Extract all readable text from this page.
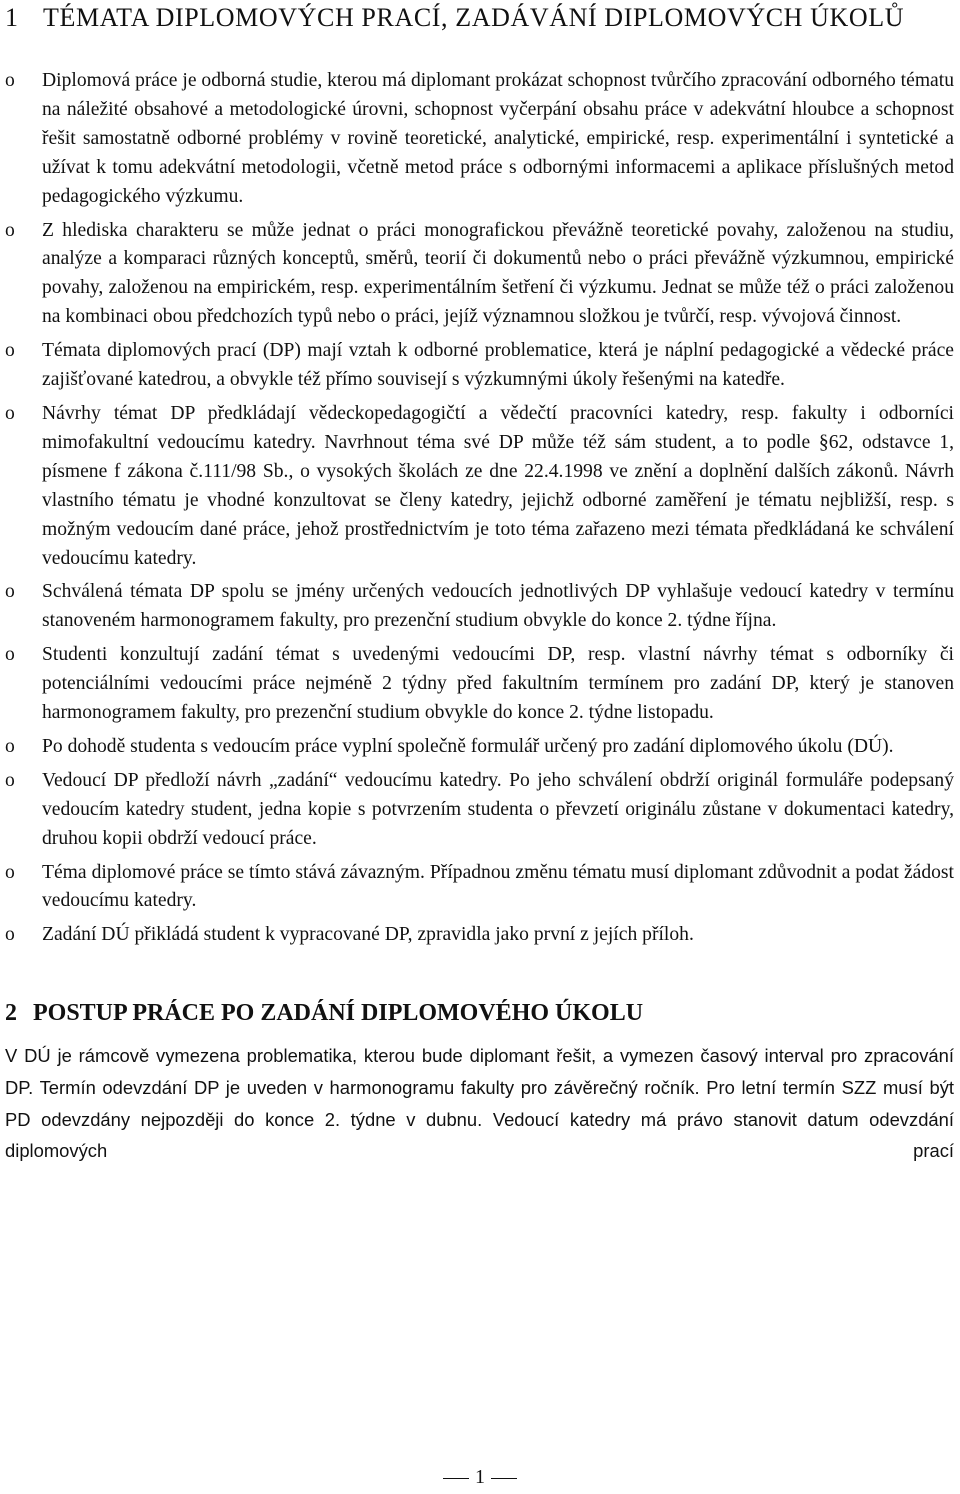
1 TÉMATA DIPLOMOVÝCH PRACÍ, ZADÁVÁNÍ DIPLOMOVÝCH ÚKOLŮ
o	Diplomová práce je odborná studie, kterou má diplomant prokázat schopnost tvůrčího zpracování odborného tématu na náležité obsahové a metodologické úrovni, schopnost vyčerpání obsahu práce v adekvátní hloubce a schopnost řešit samostatně odborné problémy v rovině teoretické, analytické, empirické, resp. experimentální i syntetické a užívat k tomu adekvátní metodologii, včetně metod práce s odbornými informacemi a aplikace příslušných metod pedagogického výzkumu.
o	Z hlediska charakteru se může jednat o práci monografickou převážně teoretické povahy, založenou na studiu, analýze a komparaci různých konceptů, směrů, teorií či dokumentů nebo o práci převážně výzkumnou, empirické povahy, založenou na empirickém, resp. experimentálním šetření či výzkumu. Jednat se může též o práci založenou na kombinaci obou předchozích typů nebo o práci, jejíž významnou složkou je tvůrčí, resp. vývojová činnost.
o	Témata diplomových prací (DP) mají vztah k odborné problematice, která je náplní pedagogické a vědecké práce zajišťované katedrou, a obvykle též přímo souvisejí s výzkumnými úkoly řešenými na katedře.
o	Návrhy témat DP předkládají vědeckopedagogičtí a vědečtí pracovníci katedry, resp. fakulty i odborníci mimofakultní vedoucímu katedry. Navrhnout téma své DP může též sám student, a to podle §62, odstavce 1, písmene f zákona č.111/98 Sb., o vysokých školách ze dne 22.4.1998 ve znění a doplnění dalších zákonů. Návrh vlastního tématu je vhodné konzultovat se členy katedry, jejichž odborné zaměření je tématu nejbližší, resp. s možným vedoucím dané práce, jehož prostřednictvím je toto téma zařazeno mezi témata předkládaná ke schválení vedoucímu katedry.
o	Schválená témata DP spolu se jmény určených vedoucích jednotlivých DP vyhlašuje vedoucí katedry v termínu stanoveném harmonogramem fakulty, pro prezenční studium obvykle do konce 2. týdne října.
o	Studenti konzultují zadání témat s uvedenými vedoucími DP, resp. vlastní návrhy témat s odborníky či potenciálními vedoucími práce nejméně 2 týdny před fakultním termínem pro zadání DP, který je stanoven harmonogramem fakulty, pro prezenční studium obvykle do konce 2. týdne listopadu.
o	Po dohodě studenta s vedoucím práce vyplní společně formulář určený pro zadání diplomového úkolu (DÚ).
o	Vedoucí DP předloží návrh „zadání“ vedoucímu katedry. Po jeho schválení obdrží originál formuláře podepsaný vedoucím katedry student, jedna kopie s potvrzením studenta o převzetí originálu zůstane v dokumentaci katedry, druhou kopii obdrží vedoucí práce.
o	Téma diplomové práce se tímto stává závazným. Případnou změnu tématu musí diplomant zdůvodnit a podat žádost vedoucímu katedry.
o	Zadání DÚ přikládá student k vypracované DP, zpravidla jako první z jejích příloh.
2 POSTUP PRÁCE PO ZADÁNÍ DIPLOMOVÉHO ÚKOLU

V DÚ je rámcově vymezena problematika, kterou bude diplomant řešit, a vymezen časový interval pro zpracování DP. Termín odevzdání DP je uveden v harmonogramu fakulty pro závěrečný ročník. Pro letní termín SZZ musí být PD odevzdány nejpozději do konce 2. týdne v dubnu. Vedoucí katedry má právo stanovit datum odevzdání diplomových prací

1
